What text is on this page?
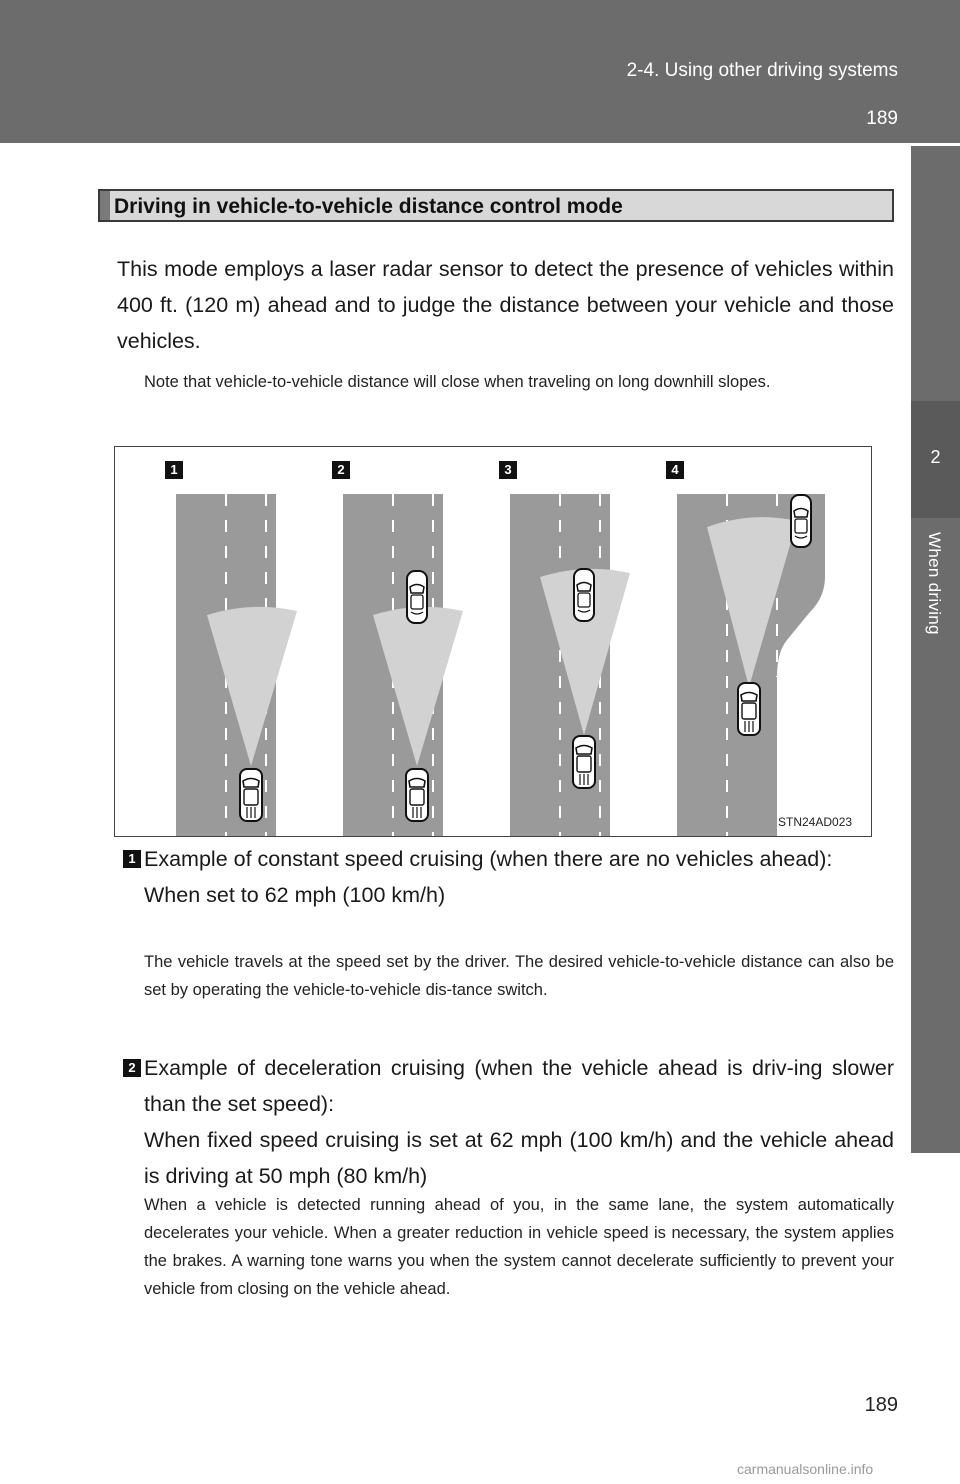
2-4. Using other driving systems
189
2
When driving
Driving in vehicle-to-vehicle distance control mode
This mode employs a laser radar sensor to detect the presence of vehicles within 400 ft. (120 m) ahead and to judge the distance between your vehicle and those vehicles.
Note that vehicle-to-vehicle distance will close when traveling on long downhill slopes.
1	2	3	4
STN24AD023
1 Example of constant speed cruising (when there are no vehicles ahead):
When set to 62 mph (100 km/h)
The vehicle travels at the speed set by the driver. The desired vehicle-to-vehicle distance can also be set by operating the vehicle-to-vehicle dis-tance switch.
2 Example of deceleration cruising (when the vehicle ahead is driv-ing slower than the set speed):
When fixed speed cruising is set at 62 mph (100 km/h) and the vehicle ahead is driving at 50 mph (80 km/h)
When a vehicle is detected running ahead of you, in the same lane, the system automatically decelerates your vehicle. When a greater reduction in vehicle speed is necessary, the system applies the brakes. A warning tone warns you when the system cannot decelerate sufficiently to prevent your vehicle from closing on the vehicle ahead.
189
carmanualsonline.info
